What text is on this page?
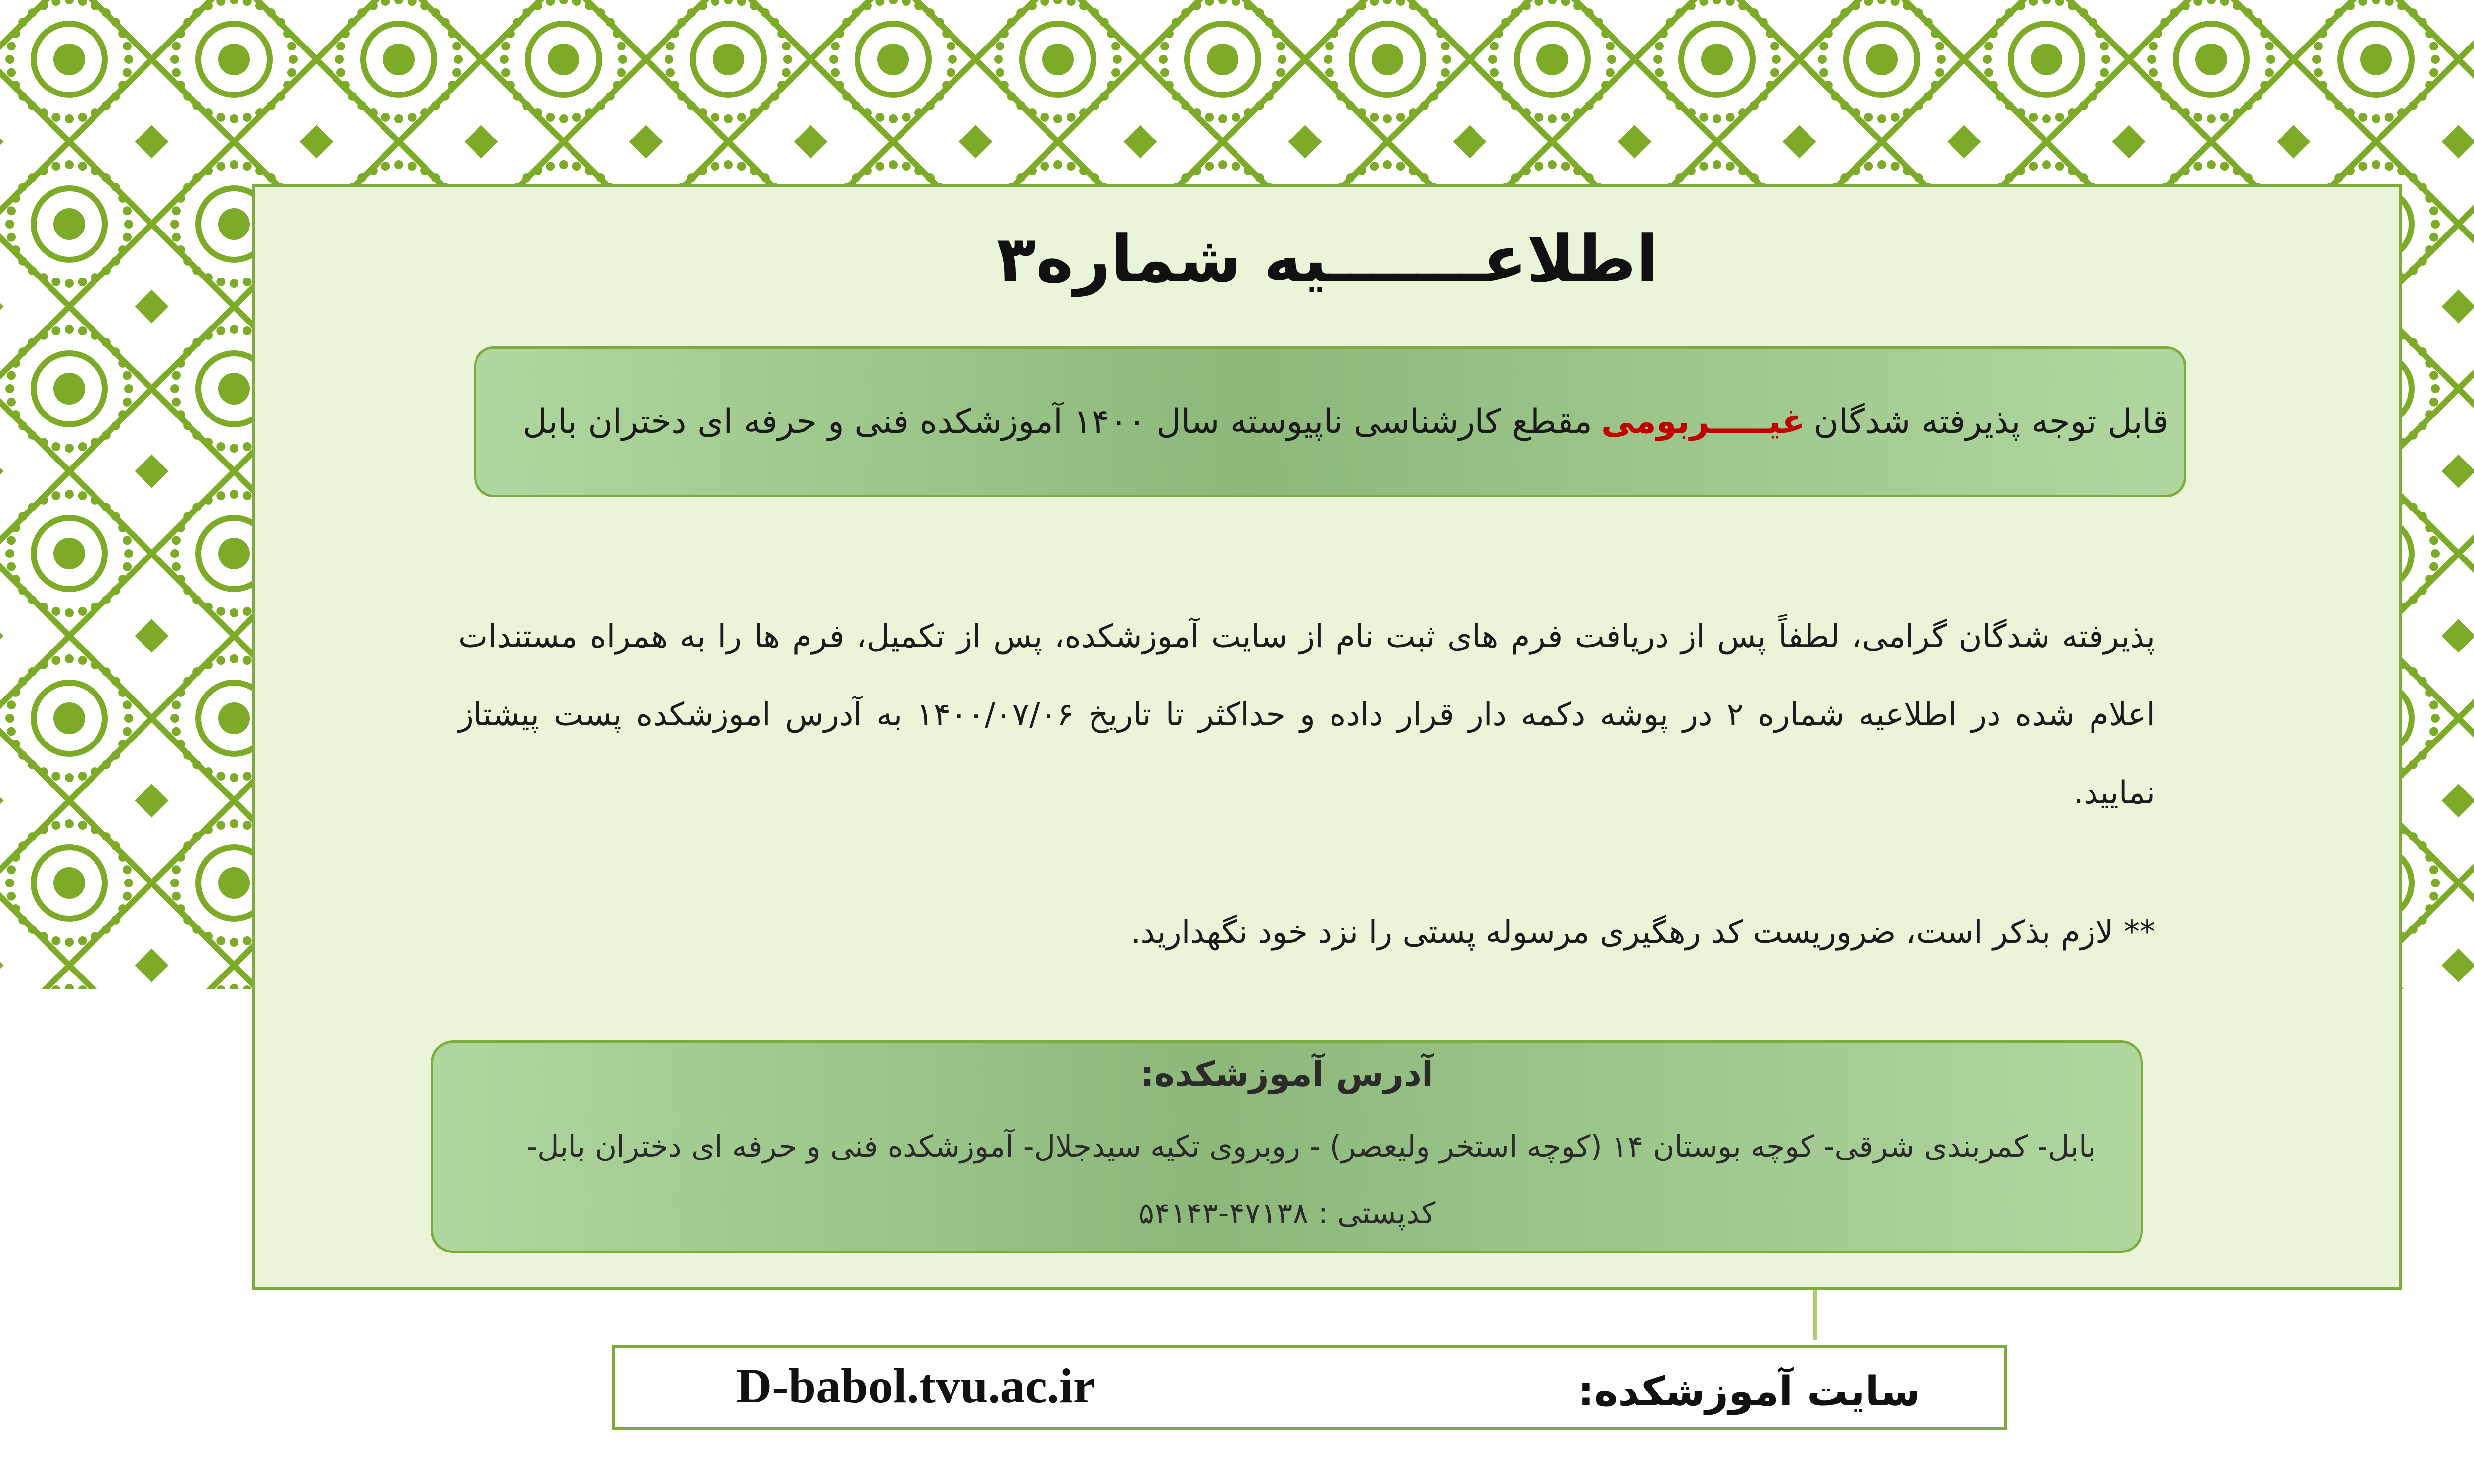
اطلاعـــــــیه شماره۳
قابل توجه پذیرفته شدگان
غیـــــربومی
مقطع کارشناسی ناپیوسته سال ۱۴۰۰ آموزشکده فنی و حرفه ای دختران بابل
پذیرفته شدگان گرامی، لطفاً پس از دریافت فرم های ثبت نام از سایت آموزشکده، پس از تکمیل، فرم ها را به همراه مستندات اعلام شده در اطلاعیه شماره ۲ در پوشه دکمه دار قرار داده و حداکثر تا تاریخ ۱۴۰۰/۰۷/۰۶ به آدرس اموزشکده پست پیشتاز نمایید.
** لازم بذکر است، ضروریست کد رهگیری مرسوله پستی را نزد خود نگهدارید.
آدرس آموزشکده:
بابل- کمربندی شرقی- کوچه بوستان ۱۴ (کوچه استخر ولیعصر) - روبروی تکیه سیدجلال- آموزشکده فنی و حرفه ای دختران بابل-
کدپستی : ۴۷۱۳۸-۵۴۱۴۳
سایت آموزشکده:
D-babol.tvu.ac.ir
